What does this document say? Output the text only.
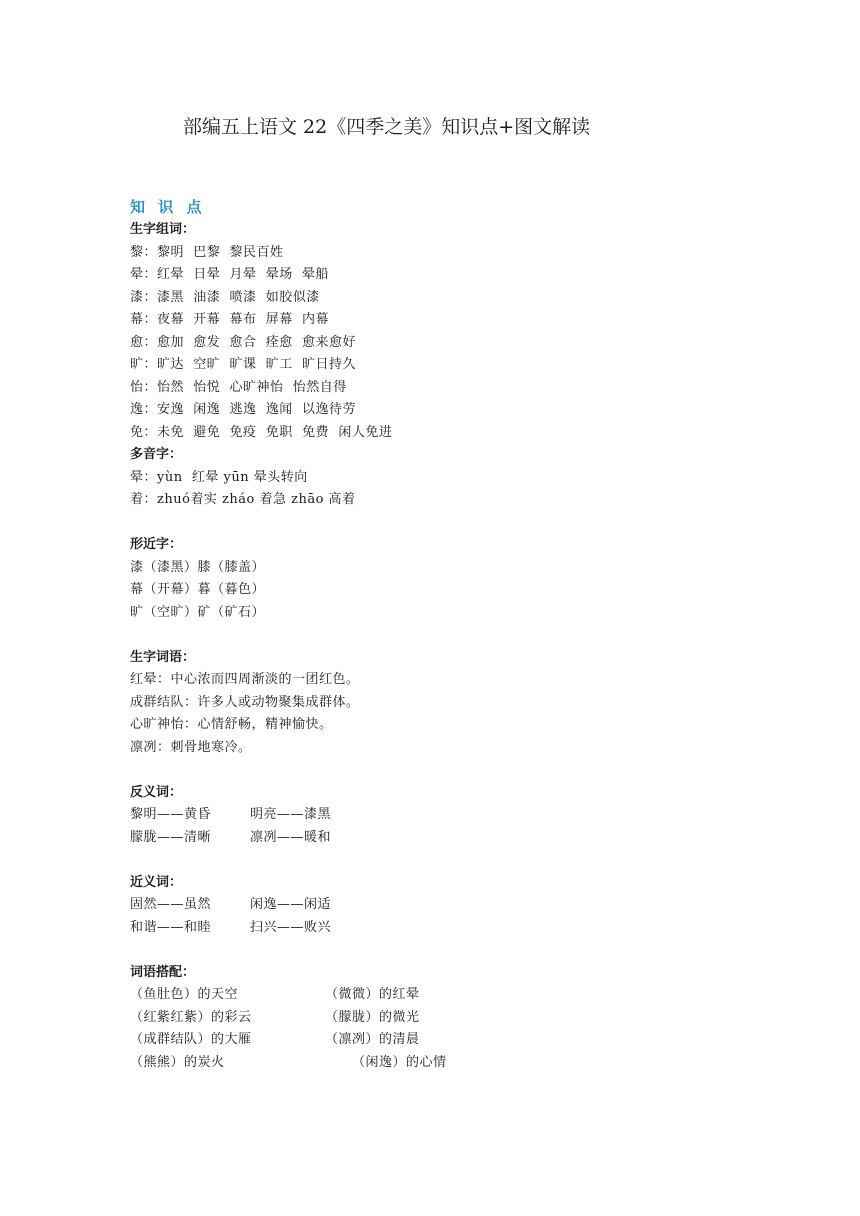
部编五上语文 22《四季之美》知识点+图文解读
知 识 点
生字组词：
黎：黎明  巴黎  黎民百姓
晕：红晕  日晕  月晕  晕场  晕船
漆：漆黑  油漆  喷漆  如胶似漆
幕：夜幕  开幕  幕布  屏幕  内幕
愈：愈加  愈发  愈合  痊愈  愈来愈好
旷：旷达  空旷  旷课  旷工  旷日持久
怡：怡然  怡悦  心旷神怡  怡然自得
逸：安逸  闲逸  逃逸  逸闻  以逸待劳
免：未免  避免  免疫  免职  免费  闲人免进
多音字：
晕：yùn  红晕 yūn 晕头转向
着：zhuó着实 zháo 着急 zhāo 高着
形近字：
漆（漆黑）膝（膝盖）
幕（开幕）暮（暮色）
旷（空旷）矿（矿石）
生字词语：
红晕：中心浓而四周渐淡的一团红色。
成群结队：许多人或动物聚集成群体。
心旷神怡：心情舒畅，精神愉快。
凛冽：刺骨地寒冷。
反义词：
黎明——黄昏	明亮——漆黑
朦胧——清晰	凛冽——暖和
近义词：
固然——虽然	闲逸——闲适
和谐——和睦	扫兴——败兴
词语搭配：
（鱼肚色）的天空	（微微）的红晕
（红紫红紫）的彩云	（朦胧）的微光
（成群结队）的大雁	（凛冽）的清晨
（熊熊）的炭火	（闲逸）的心情
